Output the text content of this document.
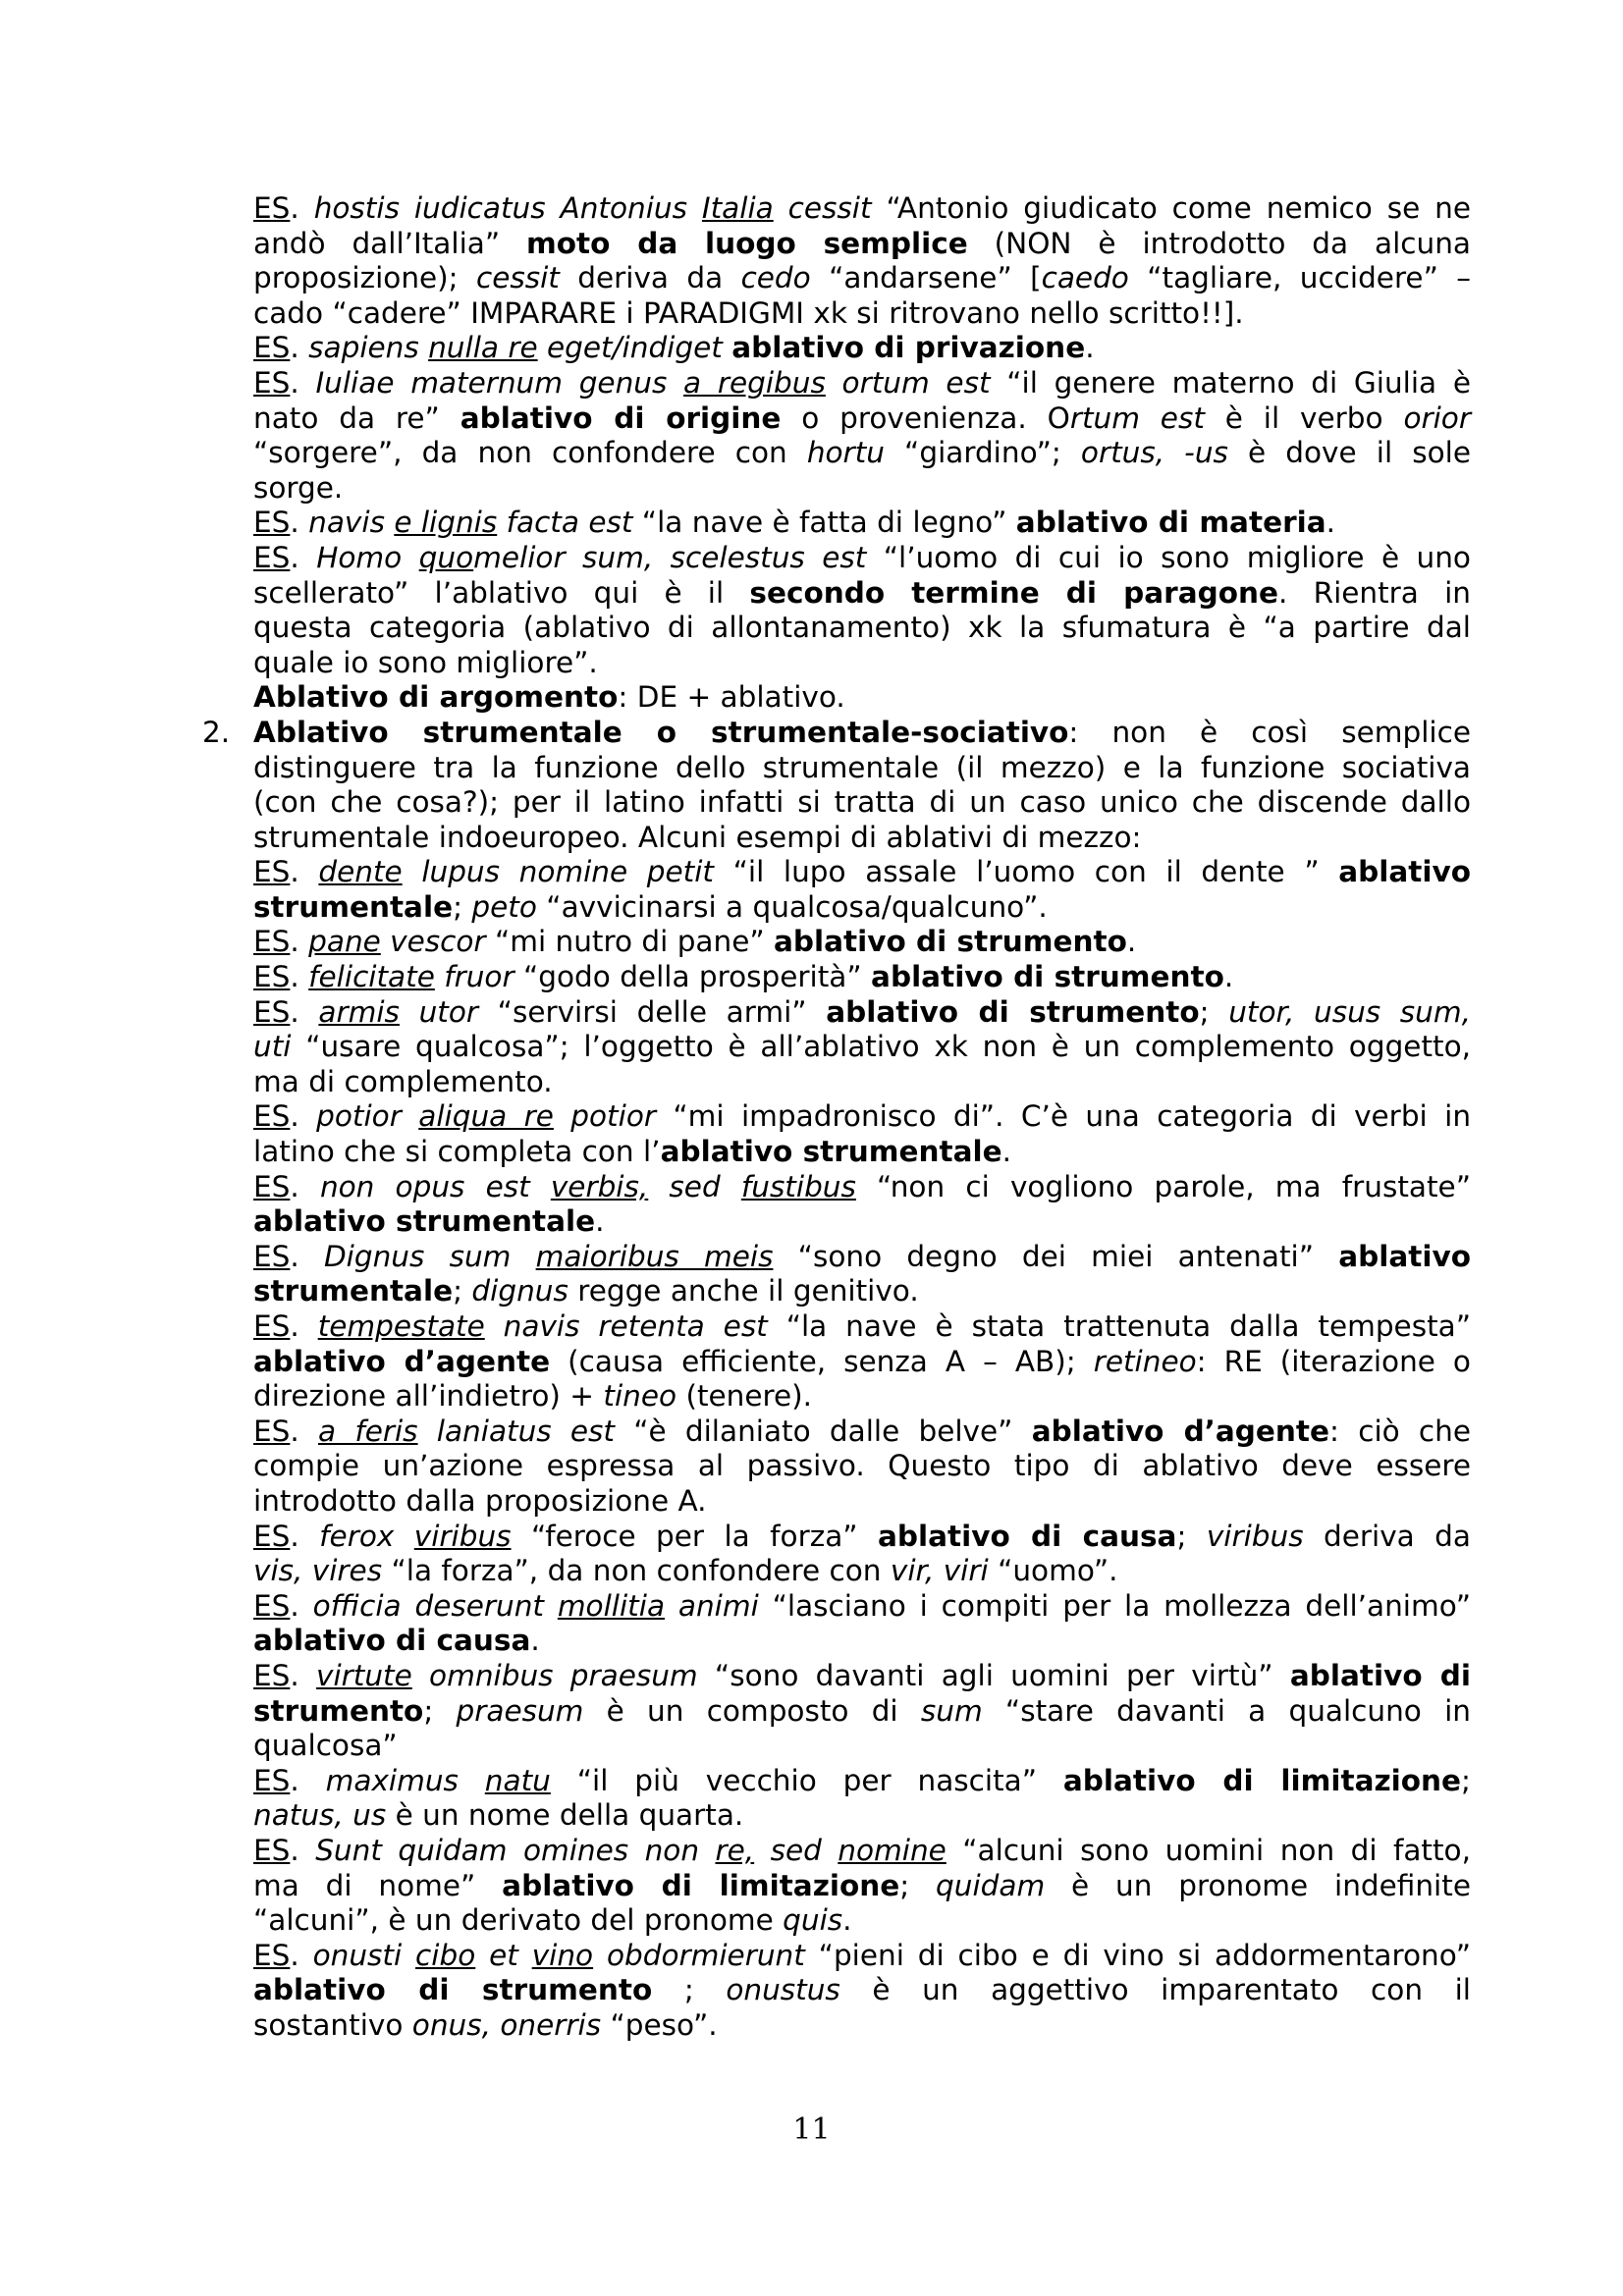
ES. hostis iudicatus Antonius Italia cessit “Antonio giudicato come nemico se ne
andò dall’Italia” moto da luogo semplice (NON è introdotto da alcuna
proposizione); cessit deriva da cedo “andarsene” [caedo “tagliare, uccidere” –
cado “cadere” IMPARARE i PARADIGMI xk si ritrovano nello scritto!!].
ES. sapiens nulla re eget/indiget ablativo di privazione.
ES. Iuliae maternum genus a regibus ortum est “il genere materno di Giulia è
nato da re” ablativo di origine o provenienza. Ortum est è il verbo orior
“sorgere”, da non confondere con hortu “giardino”; ortus, -us è dove il sole
sorge.
ES. navis e lignis facta est “la nave è fatta di legno” ablativo di materia.
ES. Homo quomelior sum, scelestus est “l’uomo di cui io sono migliore è uno
scellerato” l’ablativo qui è il secondo termine di paragone. Rientra in
questa categoria (ablativo di allontanamento) xk la sfumatura è “a partire dal
quale io sono migliore”.
Ablativo di argomento: DE + ablativo.
2. Ablativo strumentale o strumentale-sociativo: non è così semplice
distinguere tra la funzione dello strumentale (il mezzo) e la funzione sociativa
(con che cosa?); per il latino infatti si tratta di un caso unico che discende dallo
strumentale indoeuropeo. Alcuni esempi di ablativi di mezzo:
ES. dente lupus nomine petit “il lupo assale l’uomo con il dente ” ablativo
strumentale; peto “avvicinarsi a qualcosa/qualcuno”.
ES. pane vescor “mi nutro di pane” ablativo di strumento.
ES. felicitate fruor “godo della prosperità” ablativo di strumento.
ES. armis utor “servirsi delle armi” ablativo di strumento; utor, usus sum,
uti “usare qualcosa”; l’oggetto è all’ablativo xk non è un complemento oggetto,
ma di complemento.
ES. potior aliqua re potior “mi impadronisco di”. C’è una categoria di verbi in
latino che si completa con l’ablativo strumentale.
ES. non opus est verbis, sed fustibus “non ci vogliono parole, ma frustate”
ablativo strumentale.
ES. Dignus sum maioribus meis “sono degno dei miei antenati” ablativo
strumentale; dignus regge anche il genitivo.
ES. tempestate navis retenta est “la nave è stata trattenuta dalla tempesta”
ablativo d’agente (causa efficiente, senza A – AB); retineo: RE (iterazione o
direzione all’indietro) + tineo (tenere).
ES. a feris laniatus est “è dilaniato dalle belve” ablativo d’agente: ciò che
compie un’azione espressa al passivo. Questo tipo di ablativo deve essere
introdotto dalla proposizione A.
ES. ferox viribus “feroce per la forza” ablativo di causa; viribus deriva da
vis, vires “la forza”, da non confondere con vir, viri “uomo”.
ES. officia deserunt mollitia animi “lasciano i compiti per la mollezza dell’animo”
ablativo di causa.
ES. virtute omnibus praesum “sono davanti agli uomini per virtù” ablativo di
strumento; praesum è un composto di sum “stare davanti a qualcuno in
qualcosa”
ES. maximus natu “il più vecchio per nascita” ablativo di limitazione;
natus, us è un nome della quarta.
ES. Sunt quidam omines non re, sed nomine “alcuni sono uomini non di fatto,
ma di nome” ablativo di limitazione; quidam è un pronome indefinite
“alcuni”, è un derivato del pronome quis.
ES. onusti cibo et vino obdormierunt “pieni di cibo e di vino si addormentarono”
ablativo di strumento ; onustus è un aggettivo imparentato con il
sostantivo onus, onerris “peso”.
11
